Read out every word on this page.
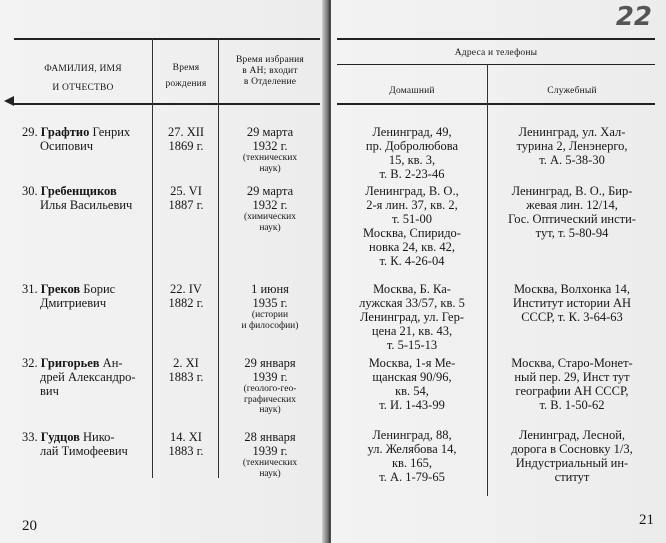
ФАМИЛИЯ, ИМЯ
И ОТЧЕСТВО
Время
рождения
Время избрания
в АН; входит
в Отделение
29. Графтио Генрих
Осипович
27. XII
1869 г.
29 марта
1932 г.
(технических
наук)
30. Гребенщиков
Илья Васильевич
25. VI
1887 г.
29 марта
1932 г.
(химических
наук)
31. Греков Борис
Дмитриевич
22. IV
1882 г.
1 июня
1935 г.
(истории
и философии)
32. Григорьев Ан-
дрей Александро-
вич
2. XI
1883 г.
29 января
1939 г.
(геолого-гео-
графических
наук)
33. Гудцов Нико-
лай Тимофеевич
14. XI
1883 г.
28 января
1939 г.
(технических
наук)
20
22
Адреса и телефоны
Домашний	Служебный
Ленинград, 49,
пр. Добролюбова
15, кв. 3,
т. В. 2-23-46
Ленинград, ул. Хал-
турина 2, Ленэнерго,
т. А. 5-38-30
Ленинград, В. О.,
2-я лин. 37, кв. 2,
т. 51-00
Москва, Спиридо-
новка 24, кв. 42,
т. К. 4-26-04
Ленинград, В. О., Бир-
жевая лин. 12/14,
Гос. Оптический инсти-
тут, т. 5-80-94
Москва, Б. Ка-
лужская 33/57, кв. 5
Ленинград, ул. Гер-
цена 21, кв. 43,
т. 5-15-13
Москва, Волхонка 14,
Институт истории АН
СССР, т. К. 3-64-63
Москва, 1-я Ме-
щанская 90/96,
кв. 54,
т. И. 1-43-99
Москва, Старо-Монет-
ный пер. 29, Инст тут
географии АН СССР,
т. В. 1-50-62
Ленинград, 88,
ул. Желябова 14,
кв. 165,
т. А. 1-79-65
Ленинград, Лесной,
дорога в Сосновку 1/3,
Индустриальный ин-
ститут
21
